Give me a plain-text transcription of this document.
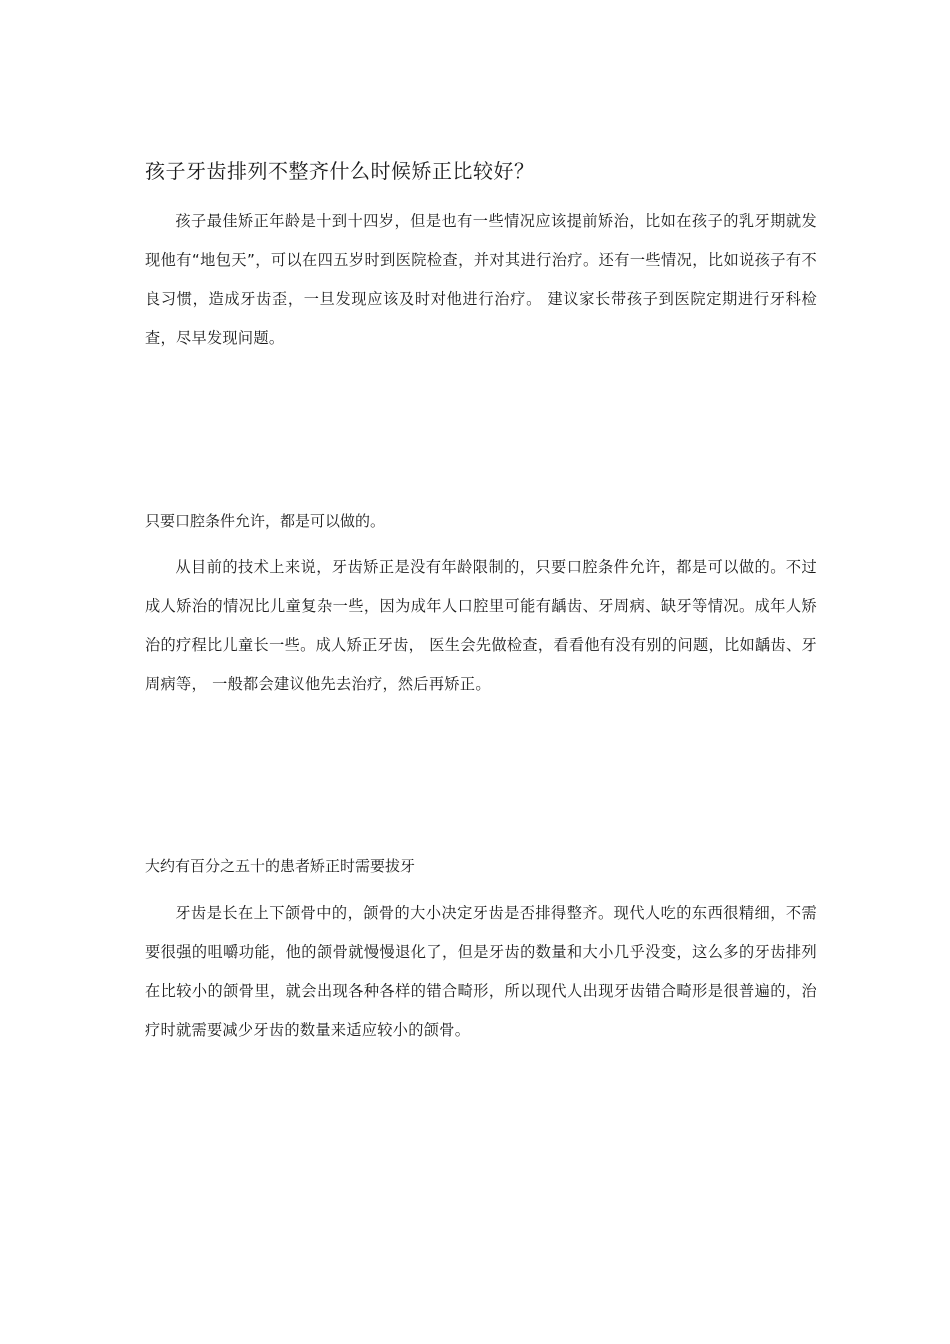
孩子牙齿排列不整齐什么时候矫正比较好？

孩子最佳矫正年龄是十到十四岁，但是也有一些情况应该提前矫治，比如在孩子的乳牙期就发现他有“地包天”，可以在四五岁时到医院检查，并对其进行治疗。还有一些情况，比如说孩子有不良习惯，造成牙齿歪，一旦发现应该及时对他进行治疗。 建议家长带孩子到医院定期进行牙科检查，尽早发现问题。

只要口腔条件允许，都是可以做的。

从目前的技术上来说，牙齿矫正是没有年龄限制的，只要口腔条件允许，都是可以做的。不过成人矫治的情况比儿童复杂一些，因为成年人口腔里可能有龋齿、牙周病、缺牙等情况。成年人矫治的疗程比儿童长一些。成人矫正牙齿， 医生会先做检查，看看他有没有别的问题，比如龋齿、牙周病等， 一般都会建议他先去治疗，然后再矫正。

大约有百分之五十的患者矫正时需要拔牙

牙齿是长在上下颌骨中的，颌骨的大小决定牙齿是否排得整齐。现代人吃的东西很精细，不需要很强的咀嚼功能，他的颌骨就慢慢退化了，但是牙齿的数量和大小几乎没变，这么多的牙齿排列在比较小的颌骨里，就会出现各种各样的错合畸形，所以现代人出现牙齿错合畸形是很普遍的，治疗时就需要减少牙齿的数量来适应较小的颌骨。
